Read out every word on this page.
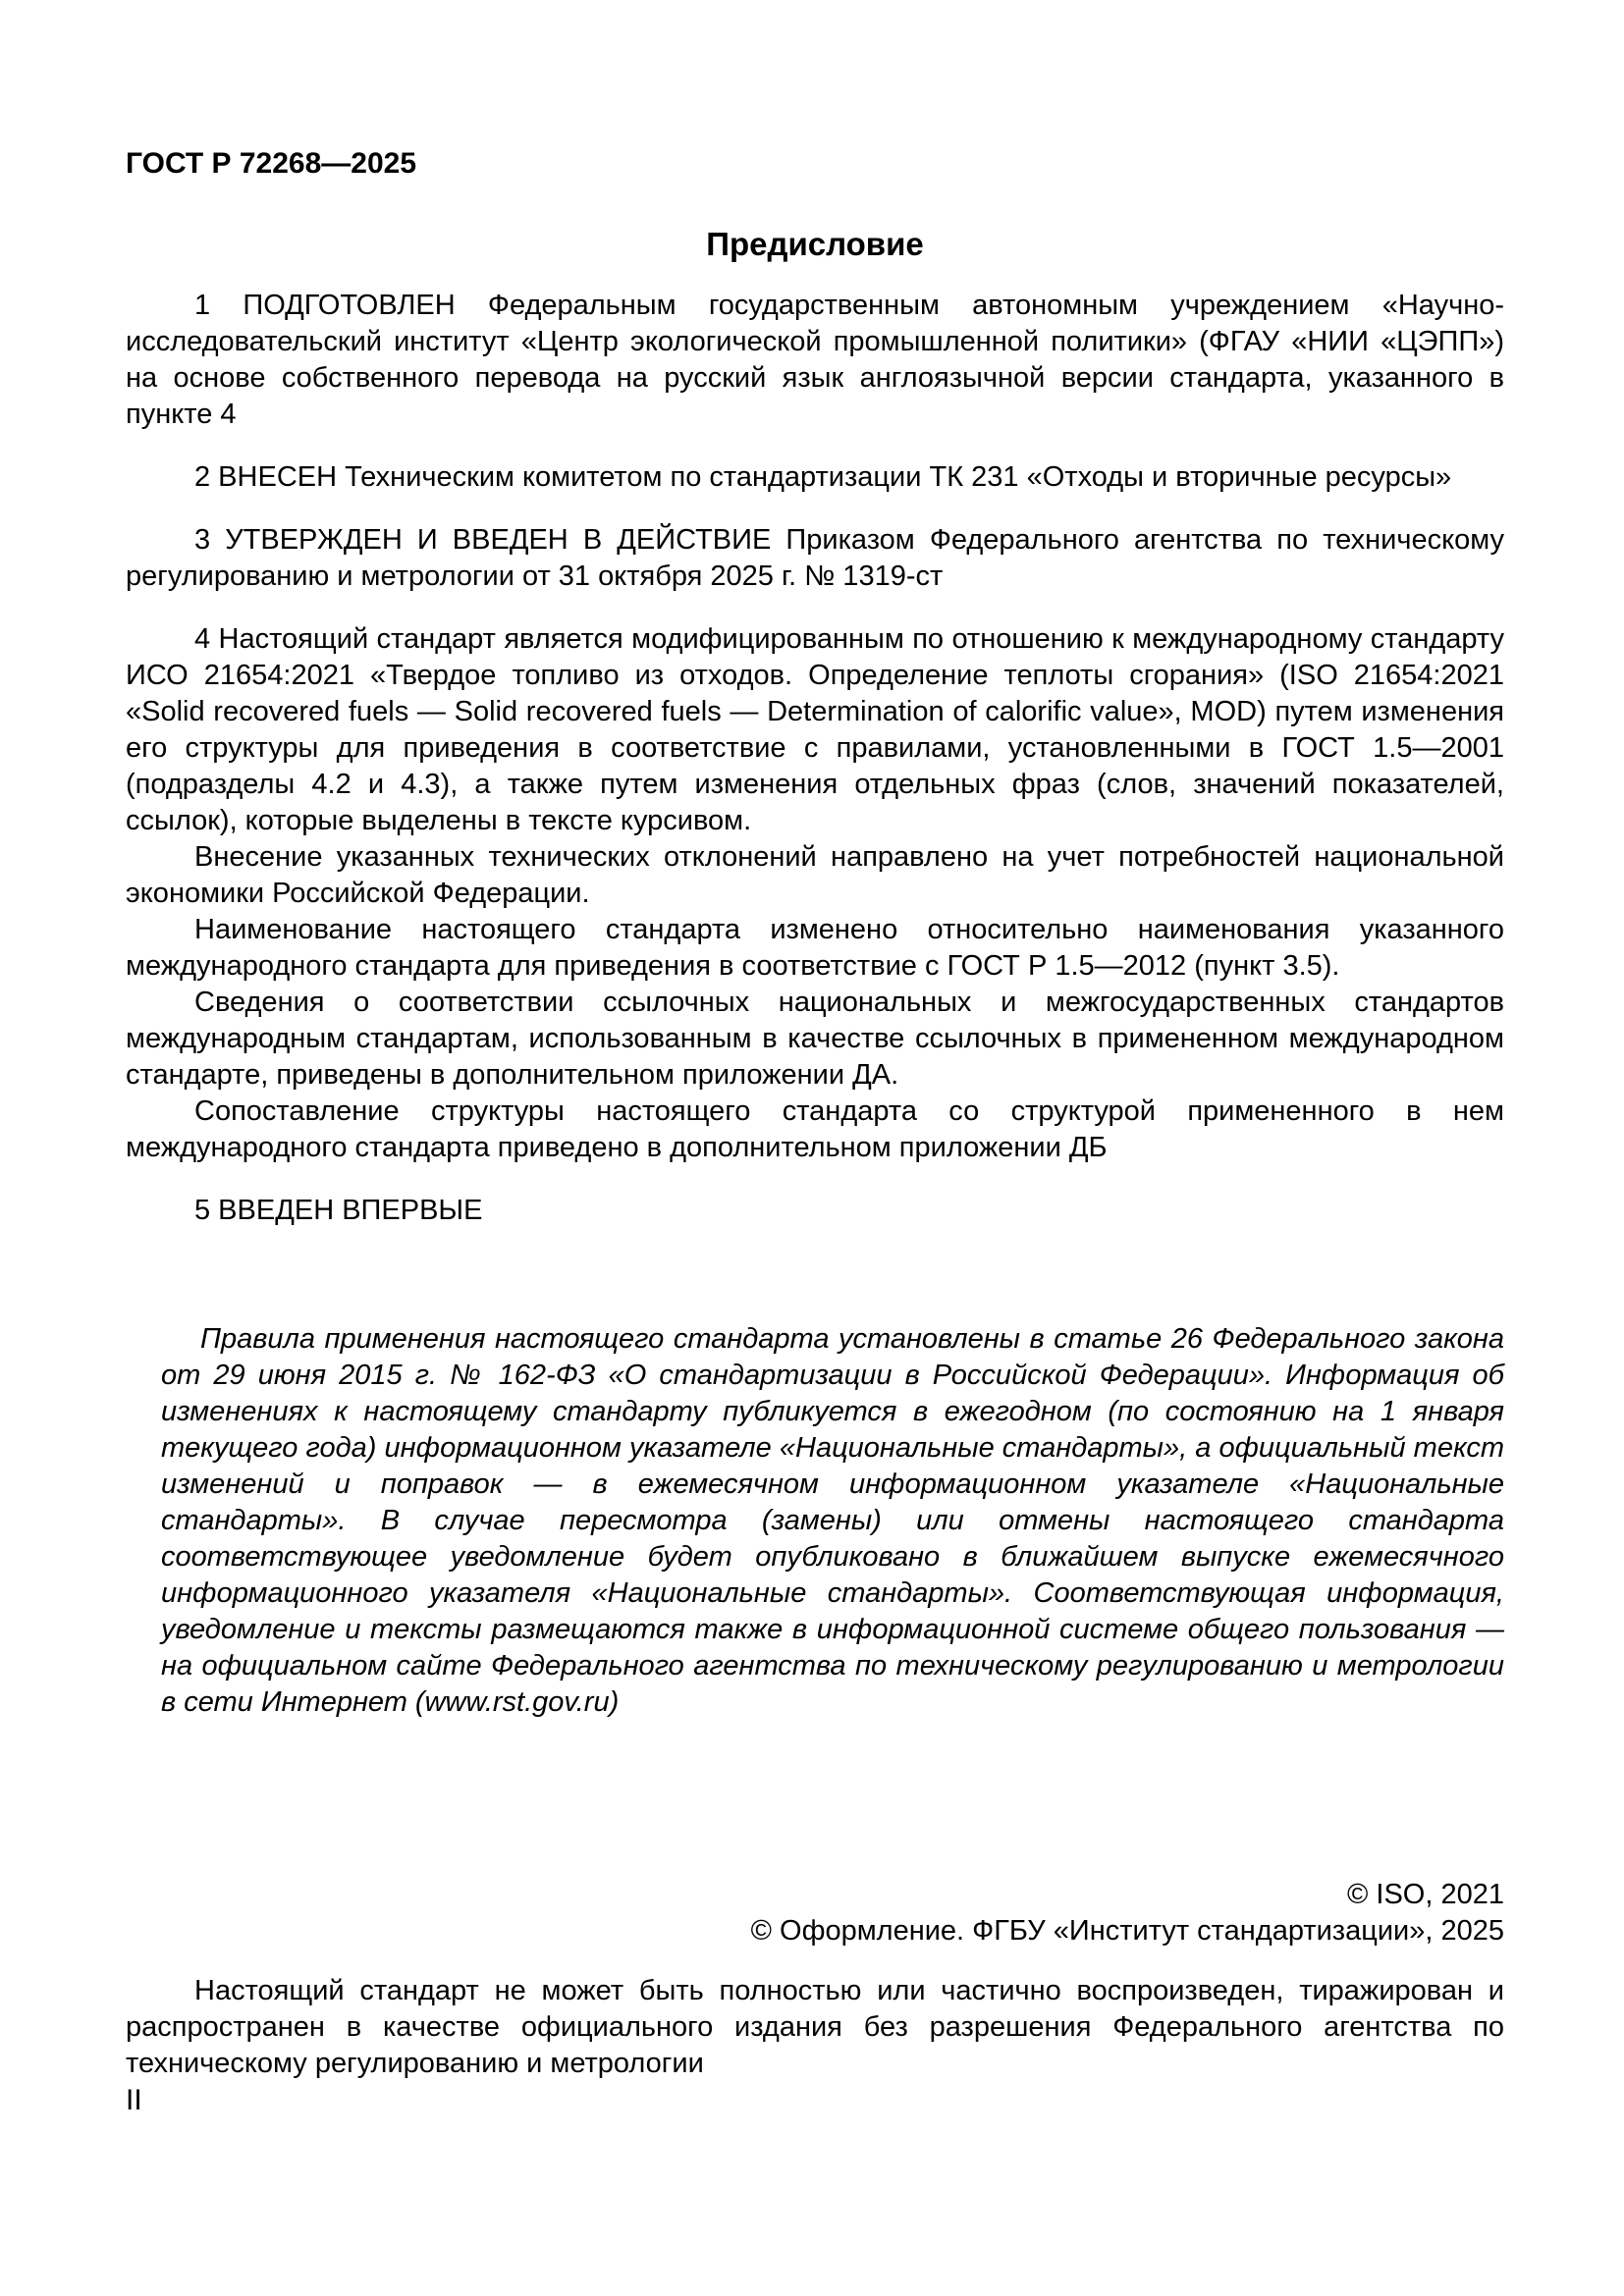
ГОСТ Р 72268—2025
Предисловие

1 ПОДГОТОВЛЕН Федеральным государственным автономным учреждением «Научно-исследовательский институт «Центр экологической промышленной политики» (ФГАУ «НИИ «ЦЭПП») на основе собственного перевода на русский язык англоязычной версии стандарта, указанного в пункте 4

2 ВНЕСЕН Техническим комитетом по стандартизации ТК 231 «Отходы и вторичные ресурсы»

3 УТВЕРЖДЕН И ВВЕДЕН В ДЕЙСТВИЕ Приказом Федерального агентства по техническому регулированию и метрологии от 31 октября 2025 г. № 1319-ст

4 Настоящий стандарт является модифицированным по отношению к международному стандарту ИСО 21654:2021 «Твердое топливо из отходов. Определение теплоты сгорания» (ISO 21654:2021 «Solid recovered fuels — Solid recovered fuels — Determination of calorific value», MOD) путем изменения его структуры для приведения в соответствие с правилами, установленными в ГОСТ 1.5—2001 (подразделы 4.2 и 4.3), а также путем изменения отдельных фраз (слов, значений показателей, ссылок), которые выделены в тексте курсивом.

Внесение указанных технических отклонений направлено на учет потребностей национальной экономики Российской Федерации.

Наименование настоящего стандарта изменено относительно наименования указанного международного стандарта для приведения в соответствие с ГОСТ Р 1.5—2012 (пункт 3.5).

Сведения о соответствии ссылочных национальных и межгосударственных стандартов международным стандартам, использованным в качестве ссылочных в примененном международном стандарте, приведены в дополнительном приложении ДА.

Сопоставление структуры настоящего стандарта со структурой примененного в нем международного стандарта приведено в дополнительном приложении ДБ

5 ВВЕДЕН ВПЕРВЫЕ

Правила применения настоящего стандарта установлены в статье 26 Федерального закона от 29 июня 2015 г. № 162-ФЗ «О стандартизации в Российской Федерации». Информация об изменениях к настоящему стандарту публикуется в ежегодном (по состоянию на 1 января текущего года) информационном указателе «Национальные стандарты», а официальный текст изменений и поправок — в ежемесячном информационном указателе «Национальные стандарты». В случае пересмотра (замены) или отмены настоящего стандарта соответствующее уведомление будет опубликовано в ближайшем выпуске ежемесячного информационного указателя «Национальные стандарты». Соответствующая информация, уведомление и тексты размещаются также в информационной системе общего пользования — на официальном сайте Федерального агентства по техническому регулированию и метрологии в сети Интернет (www.rst.gov.ru)

© ISO, 2021
© Оформление. ФГБУ «Институт стандартизации», 2025

Настоящий стандарт не может быть полностью или частично воспроизведен, тиражирован и распространен в качестве официального издания без разрешения Федерального агентства по техническому регулированию и метрологии

II
